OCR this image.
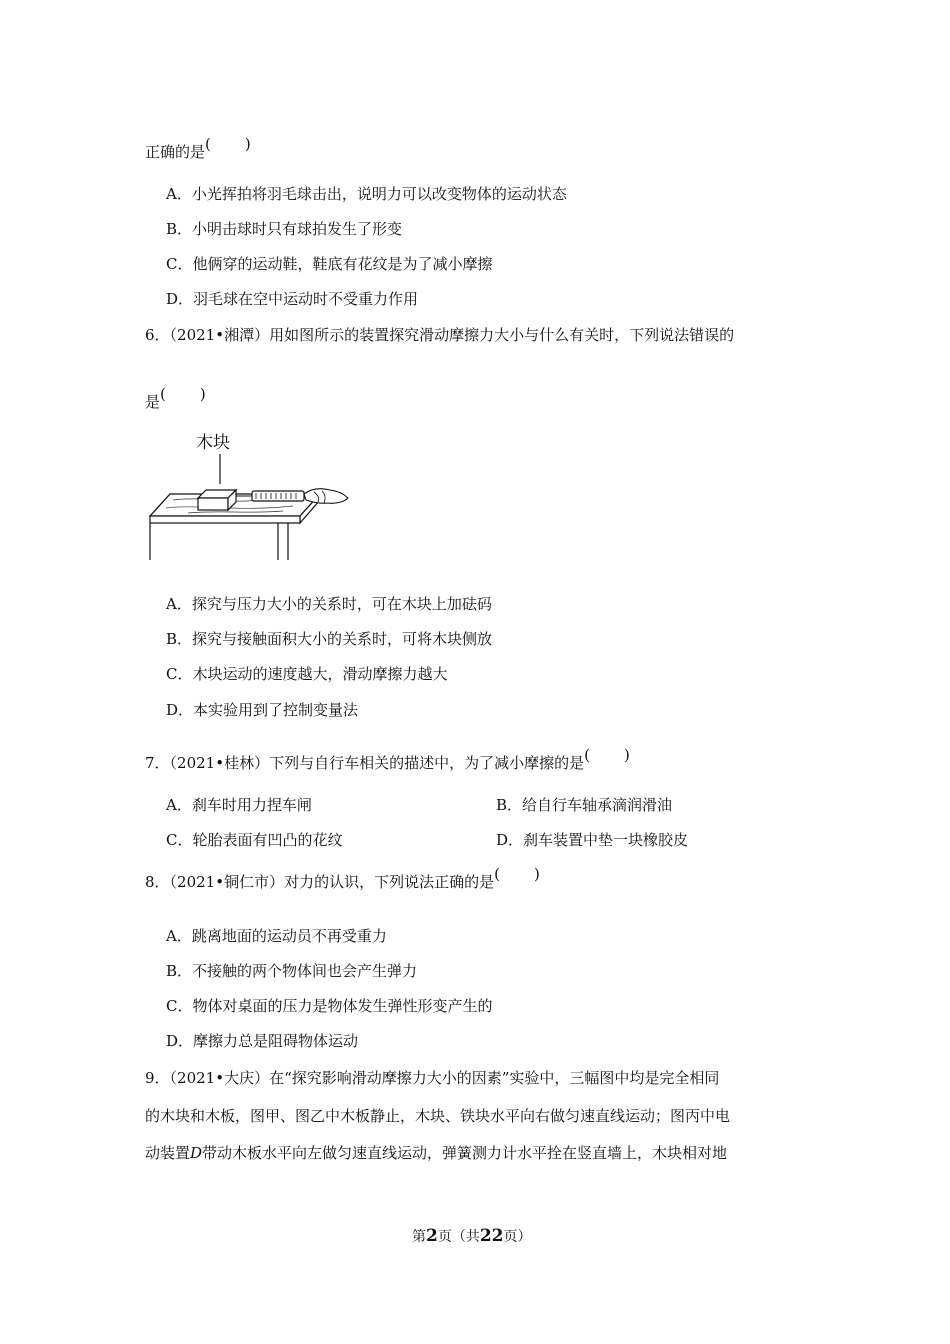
正确的是( )
A．小光挥拍将羽毛球击出，说明力可以改变物体的运动状态
B．小明击球时只有球拍发生了形变
C．他俩穿的运动鞋，鞋底有花纹是为了减小摩擦
D．羽毛球在空中运动时不受重力作用
6．（2021•湘潭）用如图所示的装置探究滑动摩擦力大小与什么有关时，下列说法错误的
是( )
木块
A．探究与压力大小的关系时，可在木块上加砝码
B．探究与接触面积大小的关系时，可将木块侧放
C．木块运动的速度越大，滑动摩擦力越大
D．本实验用到了控制变量法
7．（2021•桂林）下列与自行车相关的描述中，为了减小摩擦的是( )
A．刹车时用力捏车闸	B．给自行车轴承滴润滑油
C．轮胎表面有凹凸的花纹	D．刹车装置中垫一块橡胶皮
8．（2021•铜仁市）对力的认识，下列说法正确的是( )
A．跳离地面的运动员不再受重力
B．不接触的两个物体间也会产生弹力
C．物体对桌面的压力是物体发生弹性形变产生的
D．摩擦力总是阻碍物体运动
9．（2021•大庆）在“探究影响滑动摩擦力大小的因素”实验中，三幅图中均是完全相同
的木块和木板，图甲、图乙中木板静止，木块、铁块水平向右做匀速直线运动；图丙中电
动装置D带动木板水平向左做匀速直线运动，弹簧测力计水平拴在竖直墙上，木块相对地
第2页（共22页）
